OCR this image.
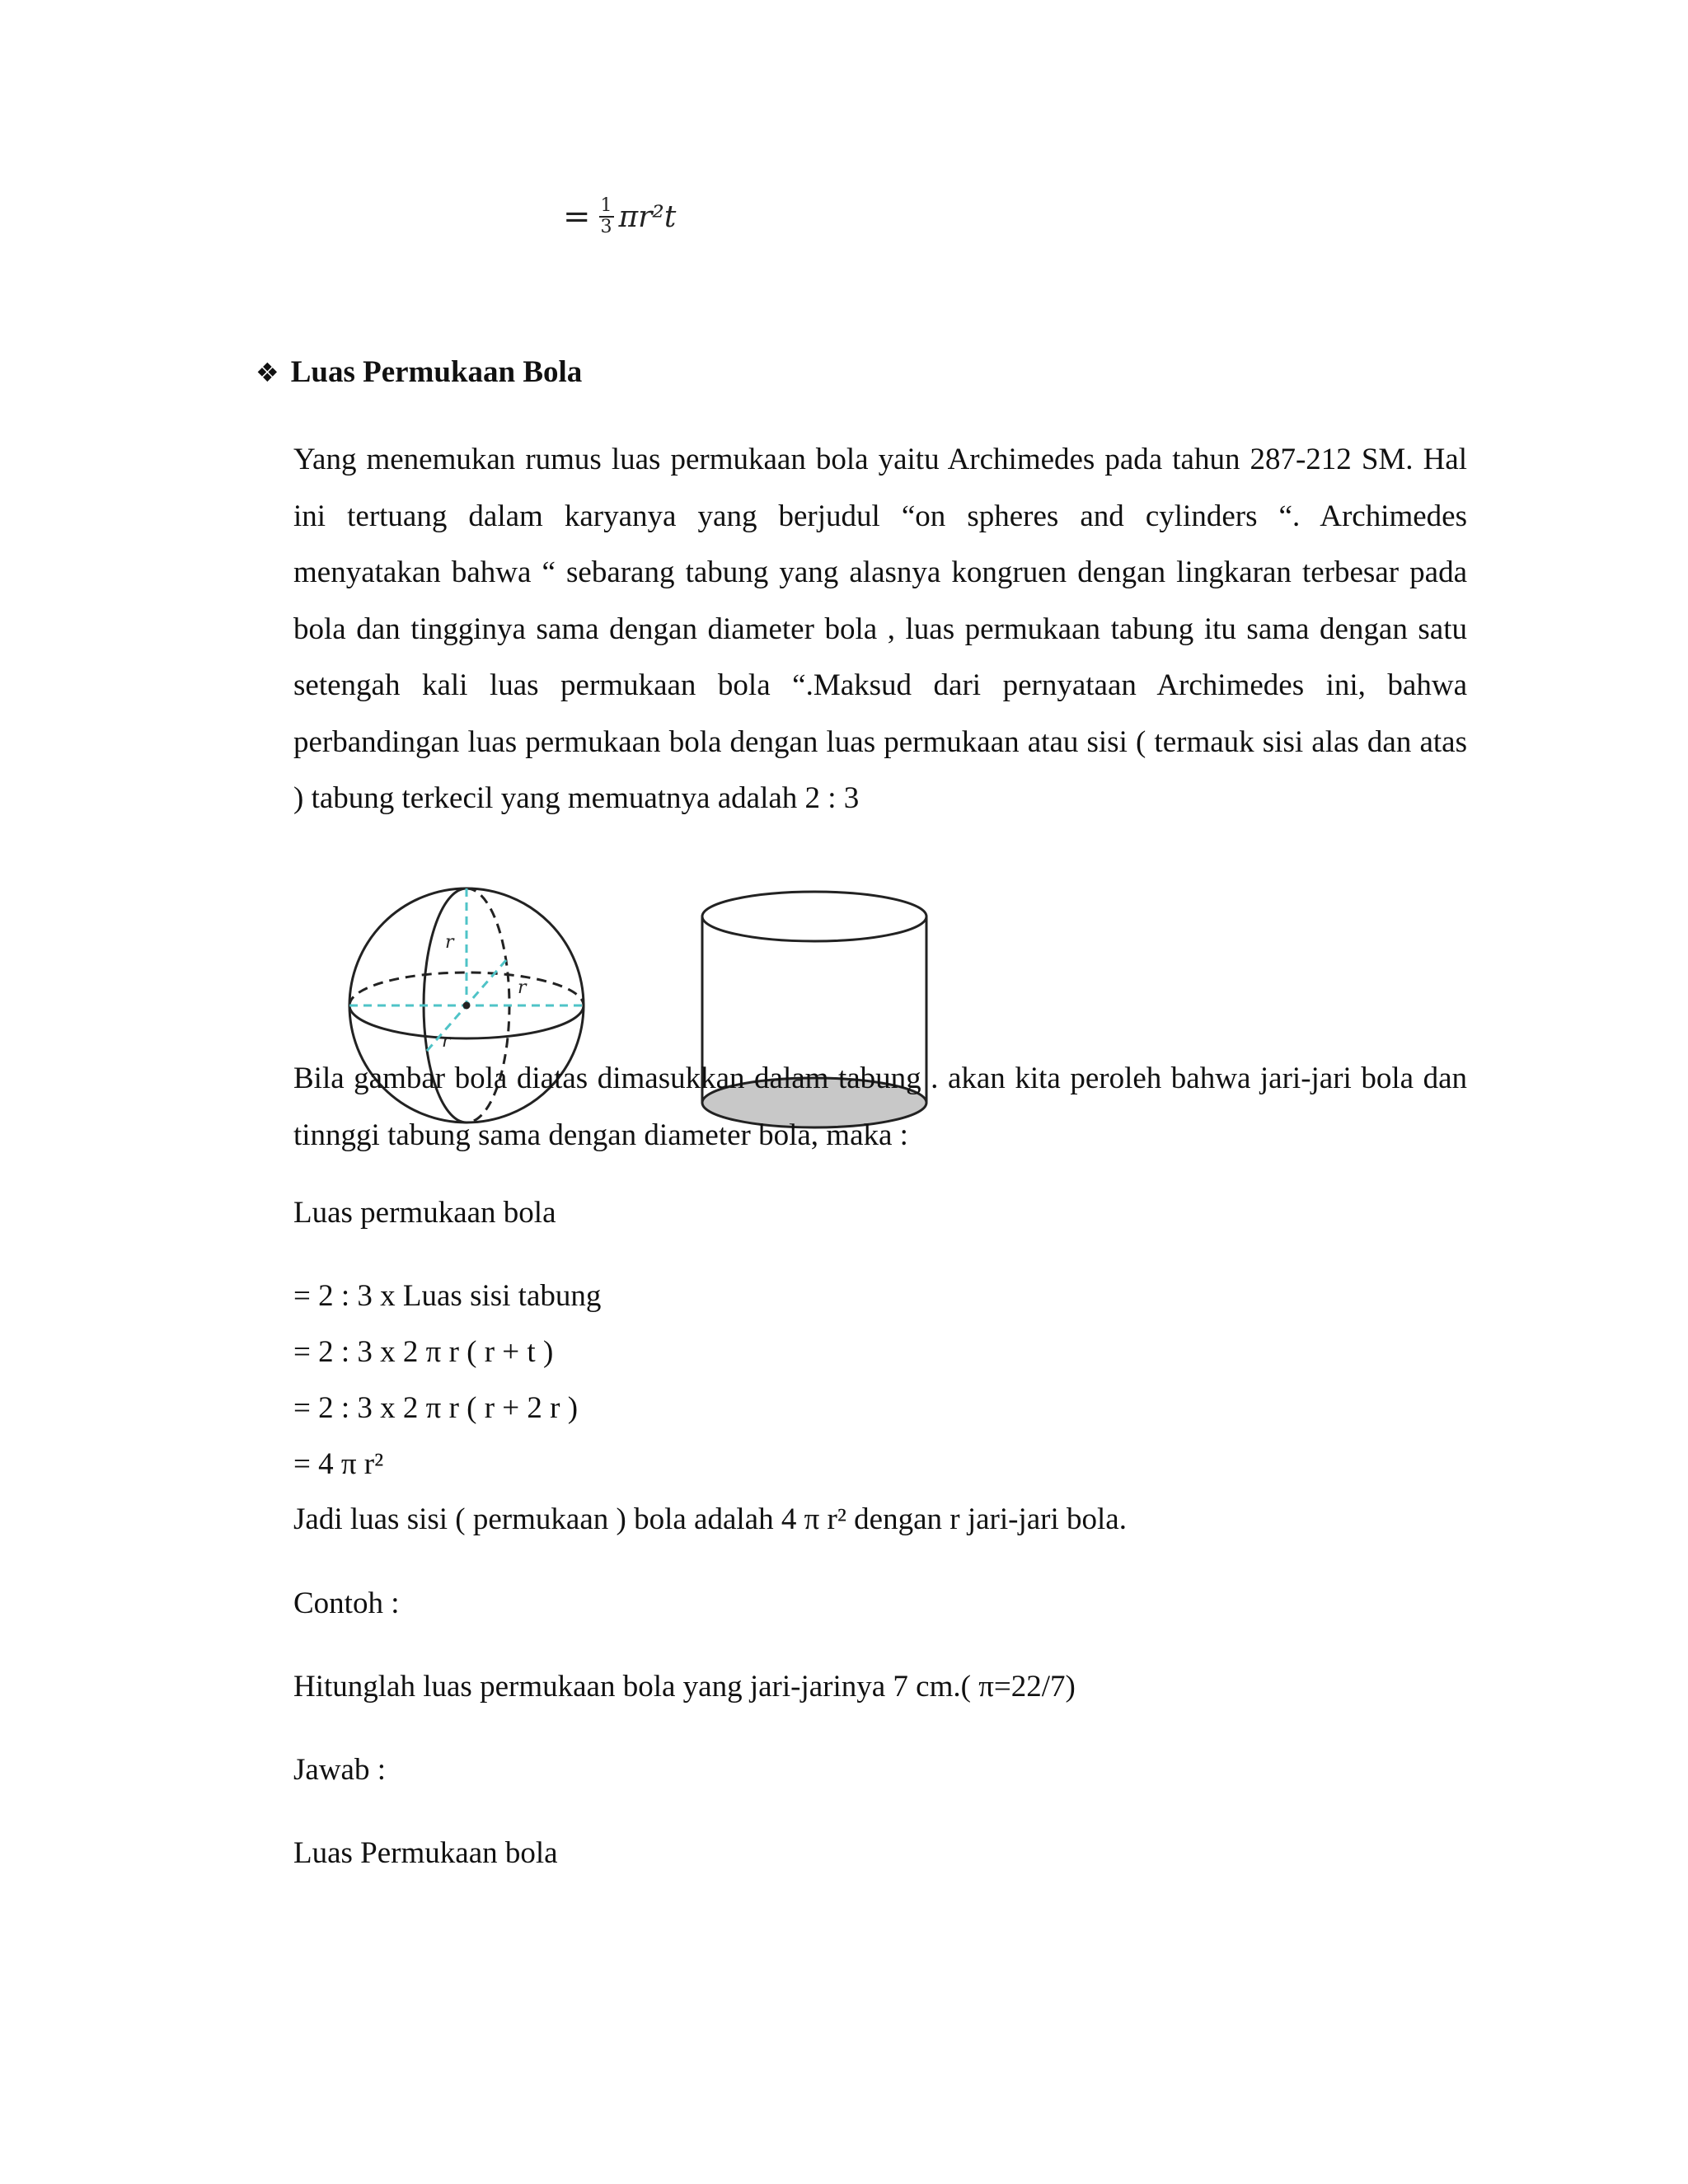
= $\frac{1}{3} \pi r^2t$
❖ Luas Permukaan Bola
Yang menemukan rumus luas permukaan bola yaitu Archimedes pada tahun 287-212 SM. Hal ini tertuang dalam karyanya yang berjudul “on spheres and cylinders “. Archimedes menyatakan bahwa “ sebarang tabung yang alasnya kongruen dengan lingkaran terbesar pada bola dan tingginya sama dengan diameter bola , luas permukaan tabung itu sama dengan satu setengah kali luas permukaan bola “.Maksud dari pernyataan Archimedes ini, bahwa perbandingan luas permukaan bola dengan luas permukaan atau sisi ( termauk sisi alas dan atas ) tabung terkecil yang memuatnya adalah 2 : 3
r
r
r
Bila gambar bola diatas dimasukkan dalam tabung . akan kita peroleh bahwa jari-jari bola dan tinnggi tabung sama dengan diameter bola, maka :
Luas permukaan bola
= 2 : 3 x Luas sisi tabung
= 2 : 3 x 2 π r ( r + t )
= 2 : 3 x 2 π r ( r + 2 r )
= 4 π r²
Jadi luas sisi ( permukaan ) bola adalah 4 π r² dengan r jari-jari bola.
Contoh :
Hitunglah luas permukaan bola yang jari-jarinya 7 cm.( π=22/7)
Jawab :
Luas Permukaan bola
